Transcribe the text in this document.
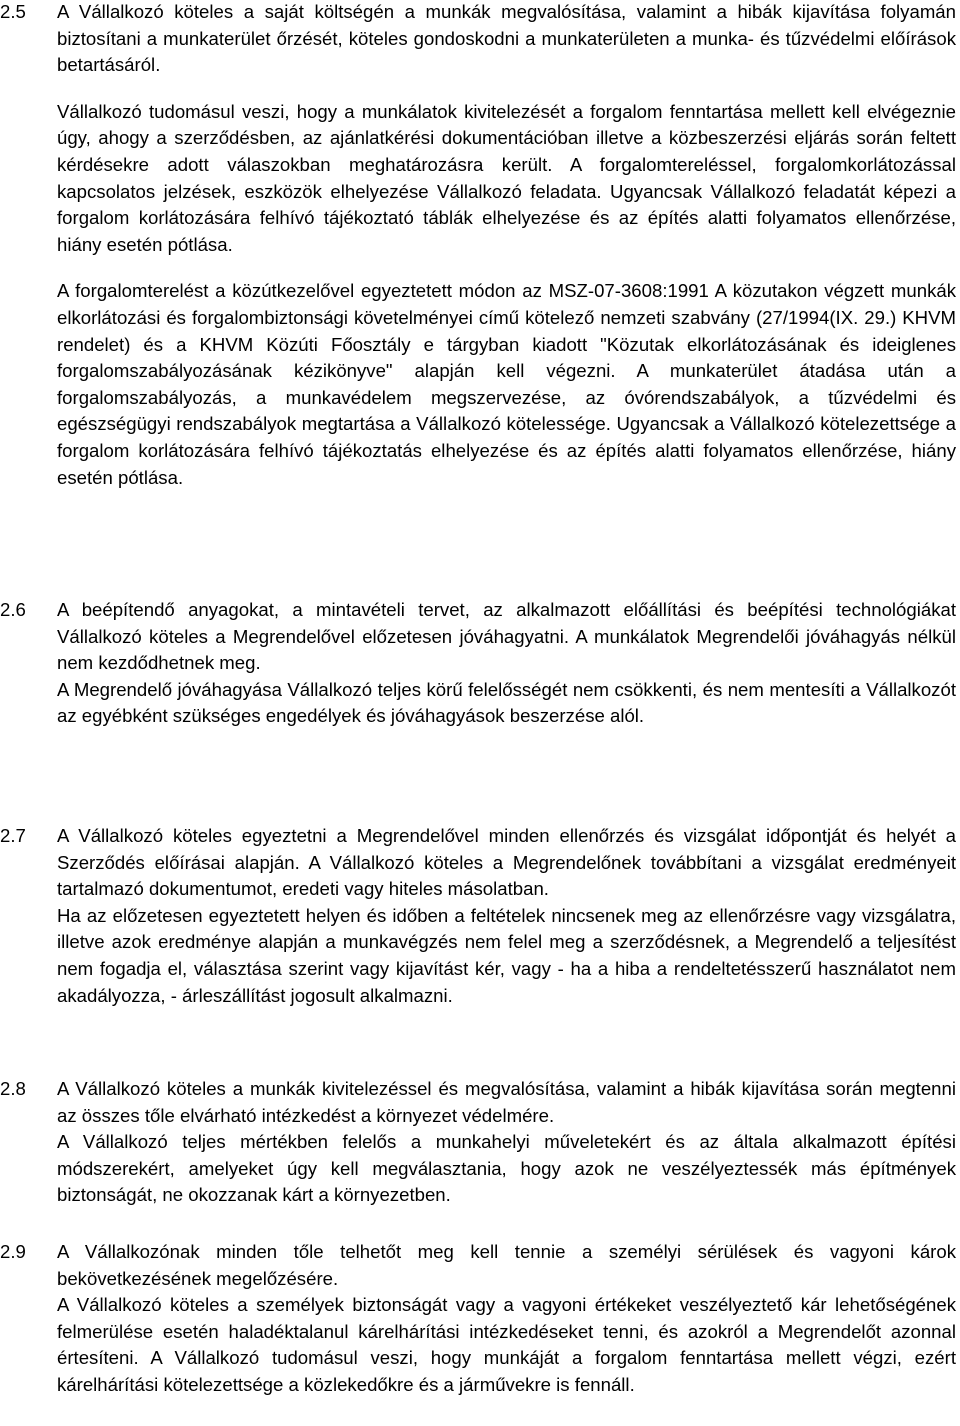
2.5	A Vállalkozó köteles a saját költségén a munkák megvalósítása, valamint a hibák kijavítása folyamán biztosítani a munkaterület őrzését, köteles gondoskodni a munkaterületen a munka- és tűzvédelmi előírások betartásáról.

Vállalkozó tudomásul veszi, hogy a munkálatok kivitelezését a forgalom fenntartása mellett kell elvégeznie úgy, ahogy a szerződésben, az ajánlatkérési dokumentációban illetve a közbeszerzési eljárás során feltett kérdésekre adott válaszokban meghatározásra került. A forgalomtereléssel, forgalomkorlátozással kapcsolatos jelzések, eszközök elhelyezése Vállalkozó feladata. Ugyancsak Vállalkozó feladatát képezi a forgalom korlátozására felhívó tájékoztató táblák elhelyezése és az építés alatti folyamatos ellenőrzése, hiány esetén pótlása.

A forgalomterelést a közútkezelővel egyeztetett módon az MSZ-07-3608:1991 A közutakon végzett munkák elkorlátozási és forgalombiztonsági követelményei című kötelező nemzeti szabvány (27/1994(IX. 29.) KHVM rendelet) és a KHVM Közúti Főosztály e tárgyban kiadott "Közutak elkorlátozásának és ideiglenes forgalomszabályozásának kézikönyve" alapján kell végezni. A munkaterület átadása után a forgalomszabályozás, a munkavédelem megszervezése, az óvórendszabályok, a tűzvédelmi és egészségügyi rendszabályok megtartása a Vállalkozó kötelessége. Ugyancsak a Vállalkozó kötelezettsége a forgalom korlátozására felhívó tájékoztatás elhelyezése és az építés alatti folyamatos ellenőrzése, hiány esetén pótlása.

2.6	A beépítendő anyagokat, a mintavételi tervet, az alkalmazott előállítási és beépítési technológiákat Vállalkozó köteles a Megrendelővel előzetesen jóváhagyatni. A munkálatok Megrendelői jóváhagyás nélkül nem kezdődhetnek meg.

A Megrendelő jóváhagyása Vállalkozó teljes körű felelősségét nem csökkenti, és nem mentesíti a Vállalkozót az egyébként szükséges engedélyek és jóváhagyások beszerzése alól.

2.7	A Vállalkozó köteles egyeztetni a Megrendelővel minden ellenőrzés és vizsgálat időpontját és helyét a Szerződés előírásai alapján. A Vállalkozó köteles a Megrendelőnek továbbítani a vizsgálat eredményeit tartalmazó dokumentumot, eredeti vagy hiteles másolatban.

Ha az előzetesen egyeztetett helyen és időben a feltételek nincsenek meg az ellenőrzésre vagy vizsgálatra, illetve azok eredménye alapján a munkavégzés nem felel meg a szerződésnek, a Megrendelő a teljesítést nem fogadja el, választása szerint vagy kijavítást kér, vagy - ha a hiba a rendeltetésszerű használatot nem akadályozza, - árleszállítást jogosult alkalmazni.

2.8	A Vállalkozó köteles a munkák kivitelezéssel és megvalósítása, valamint a hibák kijavítása során megtenni az összes tőle elvárható intézkedést a környezet védelmére.

A Vállalkozó teljes mértékben felelős a munkahelyi műveletekért és az általa alkalmazott építési módszerekért, amelyeket úgy kell megválasztania, hogy azok ne veszélyeztessék más építmények biztonságát, ne okozzanak kárt a környezetben.

2.9	A Vállalkozónak minden tőle telhetőt meg kell tennie a személyi sérülések és vagyoni károk bekövetkezésének megelőzésére.

A Vállalkozó köteles a személyek biztonságát vagy a vagyoni értékeket veszélyeztető kár lehetőségének felmerülése esetén haladéktalanul kárelhárítási intézkedéseket tenni, és azokról a Megrendelőt azonnal értesíteni. A Vállalkozó tudomásul veszi, hogy munkáját a forgalom fenntartása mellett végzi, ezért kárelhárítási kötelezettsége a közlekedőkre és a járművekre is fennáll.
